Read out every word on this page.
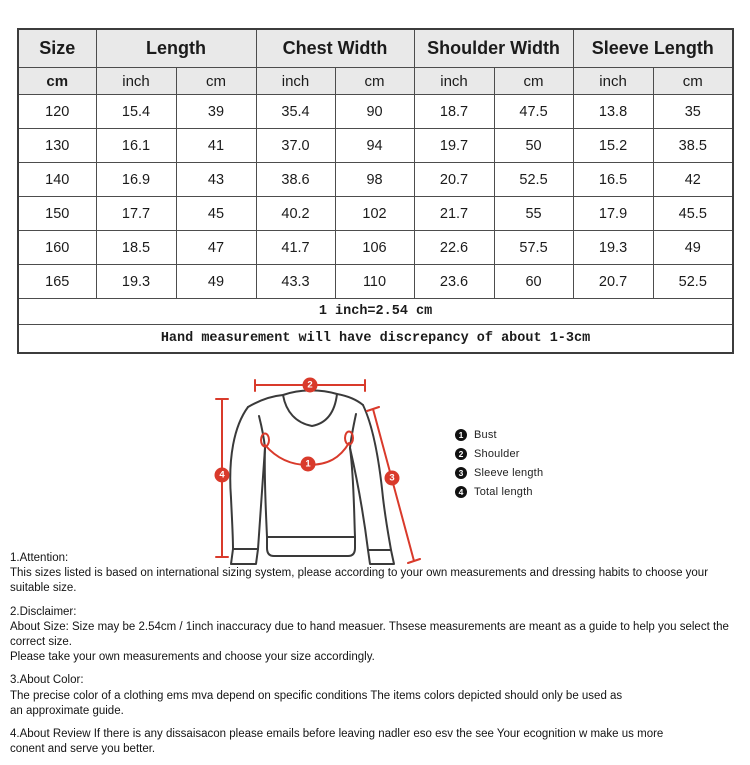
Size	Length		Chest Width		Shoulder Width		Sleeve Length	
cm	inch	cm	inch	cm	inch	cm	inch	cm
120	15.4	39	35.4	90	18.7	47.5	13.8	35
130	16.1	41	37.0	94	19.7	50	15.2	38.5
140	16.9	43	38.6	98	20.7	52.5	16.5	42
150	17.7	45	40.2	102	21.7	55	17.9	45.5
160	18.5	47	41.7	106	22.6	57.5	19.3	49
165	19.3	49	43.3	110	23.6	60	20.7	52.5
1 inch=2.54 cm								
Hand measurement will have discrepancy of about 1-3cm								
2
4	3
1
1 Bust
2 Shoulder
3 Sleeve length
4 Total length

1.Attention:
This sizes listed is based on international sizing system, please according to your own measurements and dressing habits to choose your suitable size.

2.Disclaimer:
About Size: Size may be 2.54cm / 1inch inaccuracy due to hand measuer. Thsese measurements are meant as a guide to help you select the correct size.
Please take your own measurements and choose your size accordingly.

3.About Color:
The precise color of a clothing ems mva depend on specific conditions The items colors depicted should only be used as
an approximate guide.

4.About Review If there is any dissaisacon please emails before leaving nadler eso esv the see Your ecognition w make us more
conent and serve you better.
